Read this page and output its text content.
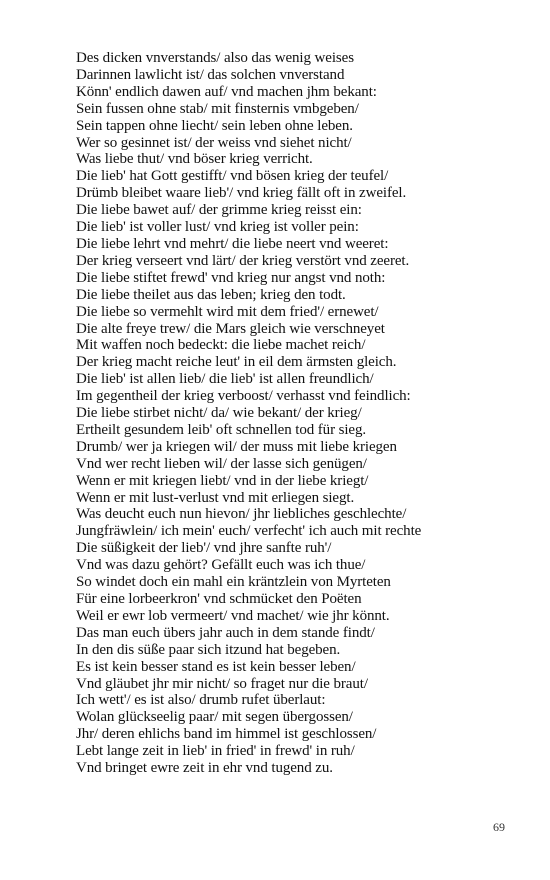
Des dicken vnverstands/ also das wenig weises
Darinnen lawlicht ist/ das solchen vnverstand
Könn' endlich dawen auf/ vnd machen jhm bekant:
Sein fussen ohne stab/ mit finsternis vmbgeben/
Sein tappen ohne liecht/ sein leben ohne leben.
Wer so gesinnet ist/ der weiss vnd siehet nicht/
Was liebe thut/ vnd böser krieg verricht.
Die lieb' hat Gott gestifft/ vnd bösen krieg der teufel/
Drümb bleibet waare lieb'/ vnd krieg fällt oft in zweifel.
Die liebe bawet auf/ der grimme krieg reisst ein:
Die lieb' ist voller lust/ vnd krieg ist voller pein:
Die liebe lehrt vnd mehrt/ die liebe neert vnd weeret:
Der krieg verseert vnd lärt/ der krieg verstört vnd zeeret.
Die liebe stiftet frewd' vnd krieg nur angst vnd noth:
Die liebe theilet aus das leben; krieg den todt.
Die liebe so vermehlt wird mit dem fried'/ ernewet/
Die alte freye trew/ die Mars gleich wie verschneyet
Mit waffen noch bedeckt: die liebe machet reich/
Der krieg macht reiche leut' in eil dem ärmsten gleich.
Die lieb' ist allen lieb/ die lieb' ist allen freundlich/
Im gegentheil der krieg verboost/ verhasst vnd feindlich:
Die liebe stirbet nicht/ da/ wie bekant/ der krieg/
Ertheilt gesundem leib' oft schnellen tod für sieg.
Drumb/ wer ja kriegen wil/ der muss mit liebe kriegen
Vnd wer recht lieben wil/ der lasse sich genügen/
Wenn er mit kriegen liebt/ vnd in der liebe kriegt/
Wenn er mit lust-verlust vnd mit erliegen siegt.
Was deucht euch nun hievon/ jhr liebliches geschlechte/
Jungfräwlein/ ich mein' euch/ verfecht' ich auch mit rechte
Die süßigkeit der lieb'/ vnd jhre sanfte ruh'/
Vnd was dazu gehört? Gefällt euch was ich thue/
So windet doch ein mahl ein kräntzlein von Myrteten
Für eine lorbeerkron' vnd schmücket den Poëten
Weil er ewr lob vermeert/ vnd machet/ wie jhr könnt.
Das man euch übers jahr auch in dem stande findt/
In den dis süße paar sich itzund hat begeben.
Es ist kein besser stand es ist kein besser leben/
Vnd gläubet jhr mir nicht/ so fraget nur die braut/
Ich wett'/ es ist also/ drumb rufet überlaut:
Wolan glückseelig paar/ mit segen übergossen/
Jhr/ deren ehlichs band im himmel ist geschlossen/
Lebt lange zeit in lieb' in fried' in frewd' in ruh/
Vnd bringet ewre zeit in ehr vnd tugend zu.
69
